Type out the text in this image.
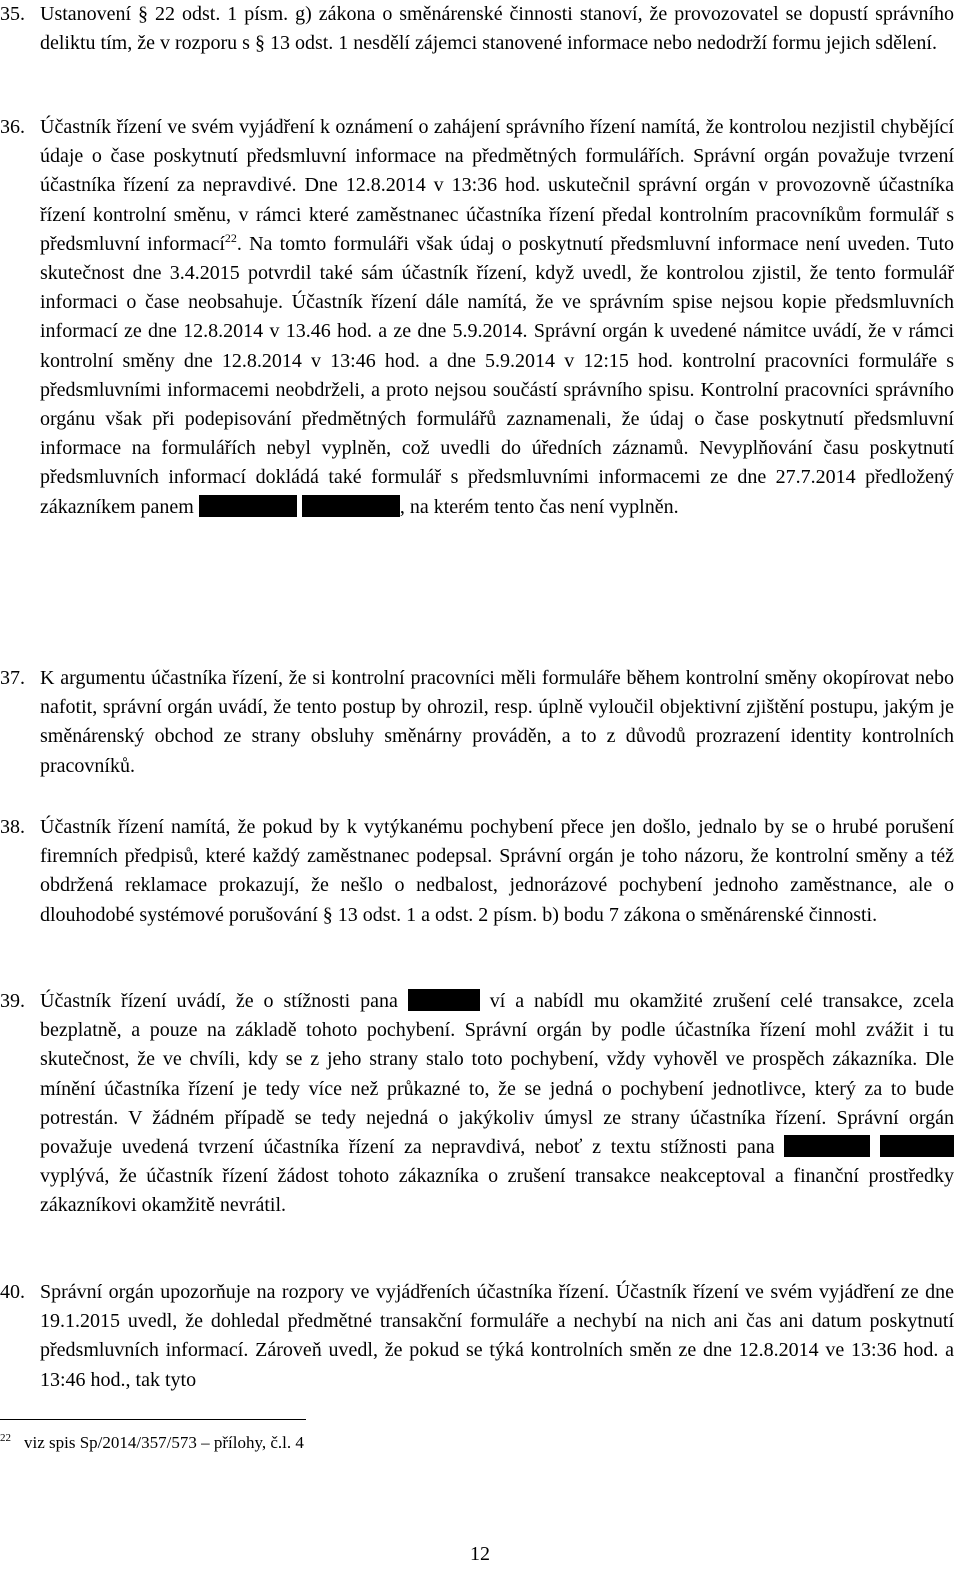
35. Ustanovení § 22 odst. 1 písm. g) zákona o směnárenské činnosti stanoví, že provozovatel se dopustí správního deliktu tím, že v rozporu s § 13 odst. 1 nesdělí zájemci stanovené informace nebo nedodrží formu jejich sdělení.
36. Účastník řízení ve svém vyjádření k oznámení o zahájení správního řízení namítá, že kontrolou nezjistil chybějící údaje o čase poskytnutí předsmluvní informace na předmětných formulářích. Správní orgán považuje tvrzení účastníka řízení za nepravdivé. Dne 12.8.2014 v 13:36 hod. uskutečnil správní orgán v provozovně účastníka řízení kontrolní směnu, v rámci které zaměstnanec účastníka řízení předal kontrolním pracovníkům formulář s předsmluvní informací$^{22}$. Na tomto formuláři však údaj o poskytnutí předsmluvní informace není uveden. Tuto skutečnost dne 3.4.2015 potvrdil také sám účastník řízení, když uvedl, že kontrolou zjistil, že tento formulář informaci o čase neobsahuje. Účastník řízení dále namítá, že ve správním spise nejsou kopie předsmluvních informací ze dne 12.8.2014 v 13.46 hod. a ze dne 5.9.2014. Správní orgán k uvedené námitce uvádí, že v rámci kontrolní směny dne 12.8.2014 v 13:46 hod. a dne 5.9.2014 v 12:15 hod. kontrolní pracovníci formuláře s předsmluvními informacemi neobdrželi, a proto nejsou součástí správního spisu. Kontrolní pracovníci správního orgánu však při podepisování předmětných formulářů zaznamenali, že údaj o čase poskytnutí předsmluvní informace na formulářích nebyl vyplněn, což uvedli do úředních záznamů. Nevyplňování času poskytnutí předsmluvních informací dokládá také formulář s předsmluvními informacemi ze dne 27.7.2014 předložený zákazníkem panem	, na kterém tento čas není vyplněn.
37. K argumentu účastníka řízení, že si kontrolní pracovníci měli formuláře během kontrolní směny okopírovat nebo nafotit, správní orgán uvádí, že tento postup by ohrozil, resp. úplně vyloučil objektivní zjištění postupu, jakým je směnárenský obchod ze strany obsluhy směnárny prováděn, a to z důvodů prozrazení identity kontrolních pracovníků.
38. Účastník řízení namítá, že pokud by k vytýkanému pochybení přece jen došlo, jednalo by se o hrubé porušení firemních předpisů, které každý zaměstnanec podepsal. Správní orgán je toho názoru, že kontrolní směny a též obdržená reklamace prokazují, že nešlo o nedbalost, jednorázové pochybení jednoho zaměstnance, ale o dlouhodobé systémové porušování § 13 odst. 1 a odst. 2 písm. b) bodu 7 zákona o směnárenské činnosti.
39. Účastník řízení uvádí, že o stížnosti pana	ví a nabídl mu okamžité zrušení celé transakce, zcela bezplatně, a pouze na základě tohoto pochybení. Správní orgán by podle účastníka řízení mohl zvážit i tu skutečnost, že ve chvíli, kdy se z jeho strany stalo toto pochybení, vždy vyhověl ve prospěch zákazníka. Dle mínění účastníka řízení je tedy více než průkazné to, že se jedná o pochybení jednotlivce, který za to bude potrestán. V žádném případě se tedy nejedná o jakýkoliv úmysl ze strany účastníka řízení. Správní orgán považuje uvedená tvrzení účastníka řízení za nepravdivá, neboť z textu stížnosti pana   vyplývá, že účastník řízení žádost tohoto zákazníka o zrušení transakce neakceptoval a finanční prostředky zákazníkovi okamžitě nevrátil.
40. Správní orgán upozorňuje na rozpory ve vyjádřeních účastníka řízení. Účastník řízení ve svém vyjádření ze dne 19.1.2015 uvedl, že dohledal předmětné transakční formuláře a nechybí na nich ani čas ani datum poskytnutí předsmluvních informací. Zároveň uvedl, že pokud se týká kontrolních směn ze dne 12.8.2014 ve 13:36 hod. a 13:46 hod., tak tyto
$^{22}$ viz spis Sp/2014/357/573 – přílohy, č.l. 4
12
